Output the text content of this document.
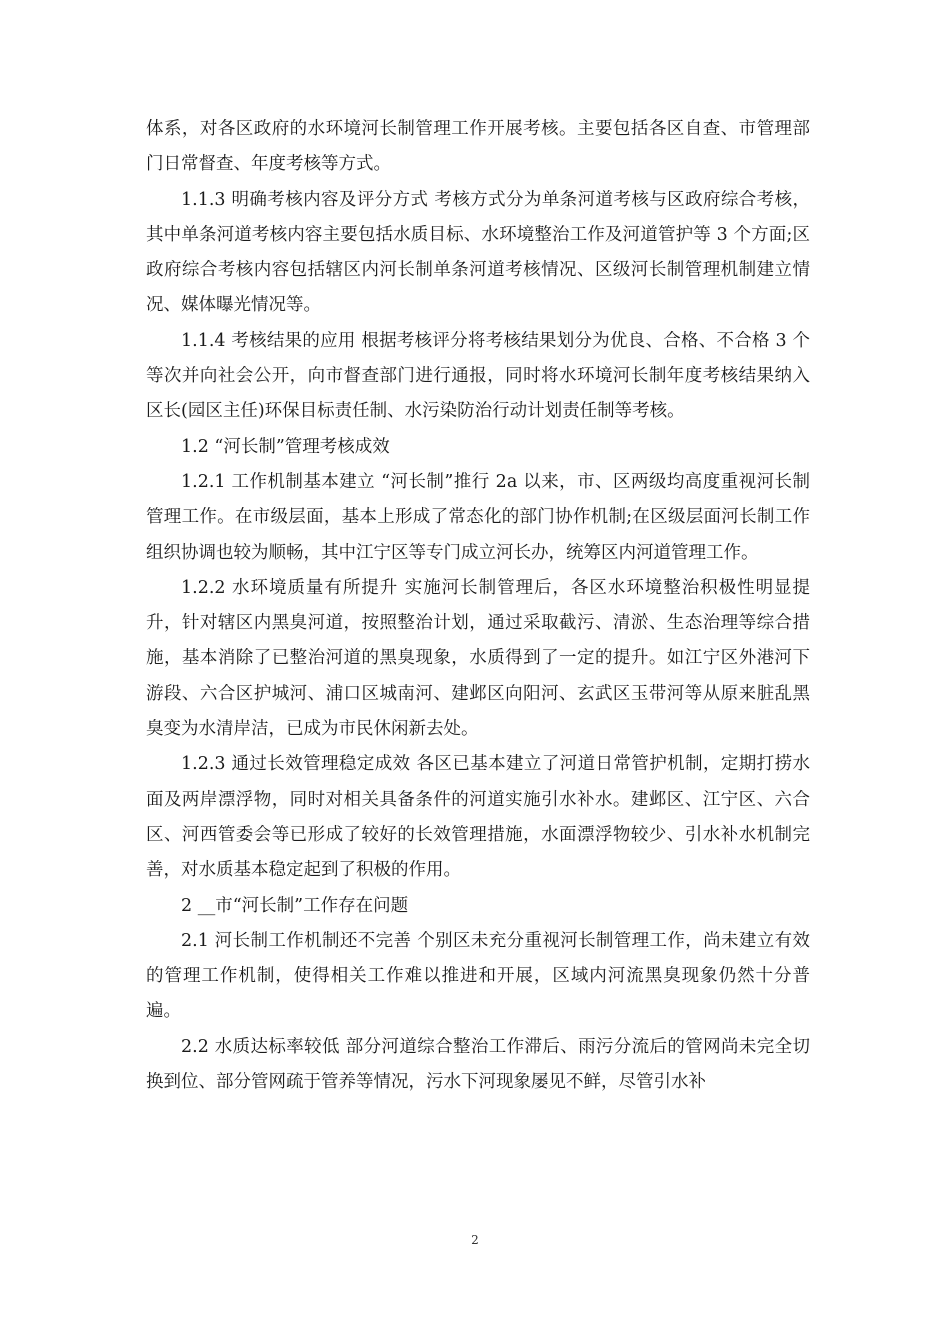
体系，对各区政府的水环境河长制管理工作开展考核。主要包括各区自查、市管理部门日常督查、年度考核等方式。

1.1.3 明确考核内容及评分方式 考核方式分为单条河道考核与区政府综合考核，其中单条河道考核内容主要包括水质目标、水环境整治工作及河道管护等 3 个方面;区政府综合考核内容包括辖区内河长制单条河道考核情况、区级河长制管理机制建立情况、媒体曝光情况等。

1.1.4 考核结果的应用 根据考核评分将考核结果划分为优良、合格、不合格 3 个等次并向社会公开，向市督查部门进行通报，同时将水环境河长制年度考核结果纳入区长(园区主任)环保目标责任制、水污染防治行动计划责任制等考核。

1.2 “河长制”管理考核成效

1.2.1 工作机制基本建立 “河长制”推行 2a 以来，市、区两级均高度重视河长制管理工作。在市级层面，基本上形成了常态化的部门协作机制;在区级层面河长制工作组织协调也较为顺畅，其中江宁区等专门成立河长办，统筹区内河道管理工作。

1.2.2 水环境质量有所提升 实施河长制管理后，各区水环境整治积极性明显提升，针对辖区内黑臭河道，按照整治计划，通过采取截污、清淤、生态治理等综合措施，基本消除了已整治河道的黑臭现象，水质得到了一定的提升。如江宁区外港河下游段、六合区护城河、浦口区城南河、建邺区向阳河、玄武区玉带河等从原来脏乱黑臭变为水清岸洁，已成为市民休闲新去处。

1.2.3 通过长效管理稳定成效 各区已基本建立了河道日常管护机制，定期打捞水面及两岸漂浮物，同时对相关具备条件的河道实施引水补水。建邺区、江宁区、六合区、河西管委会等已形成了较好的长效管理措施，水面漂浮物较少、引水补水机制完善，对水质基本稳定起到了积极的作用。

2 __市“河长制”工作存在问题

2.1 河长制工作机制还不完善 个别区未充分重视河长制管理工作，尚未建立有效的管理工作机制，使得相关工作难以推进和开展，区域内河流黑臭现象仍然十分普遍。

2.2 水质达标率较低 部分河道综合整治工作滞后、雨污分流后的管网尚未完全切换到位、部分管网疏于管养等情况，污水下河现象屡见不鲜，尽管引水补

2
